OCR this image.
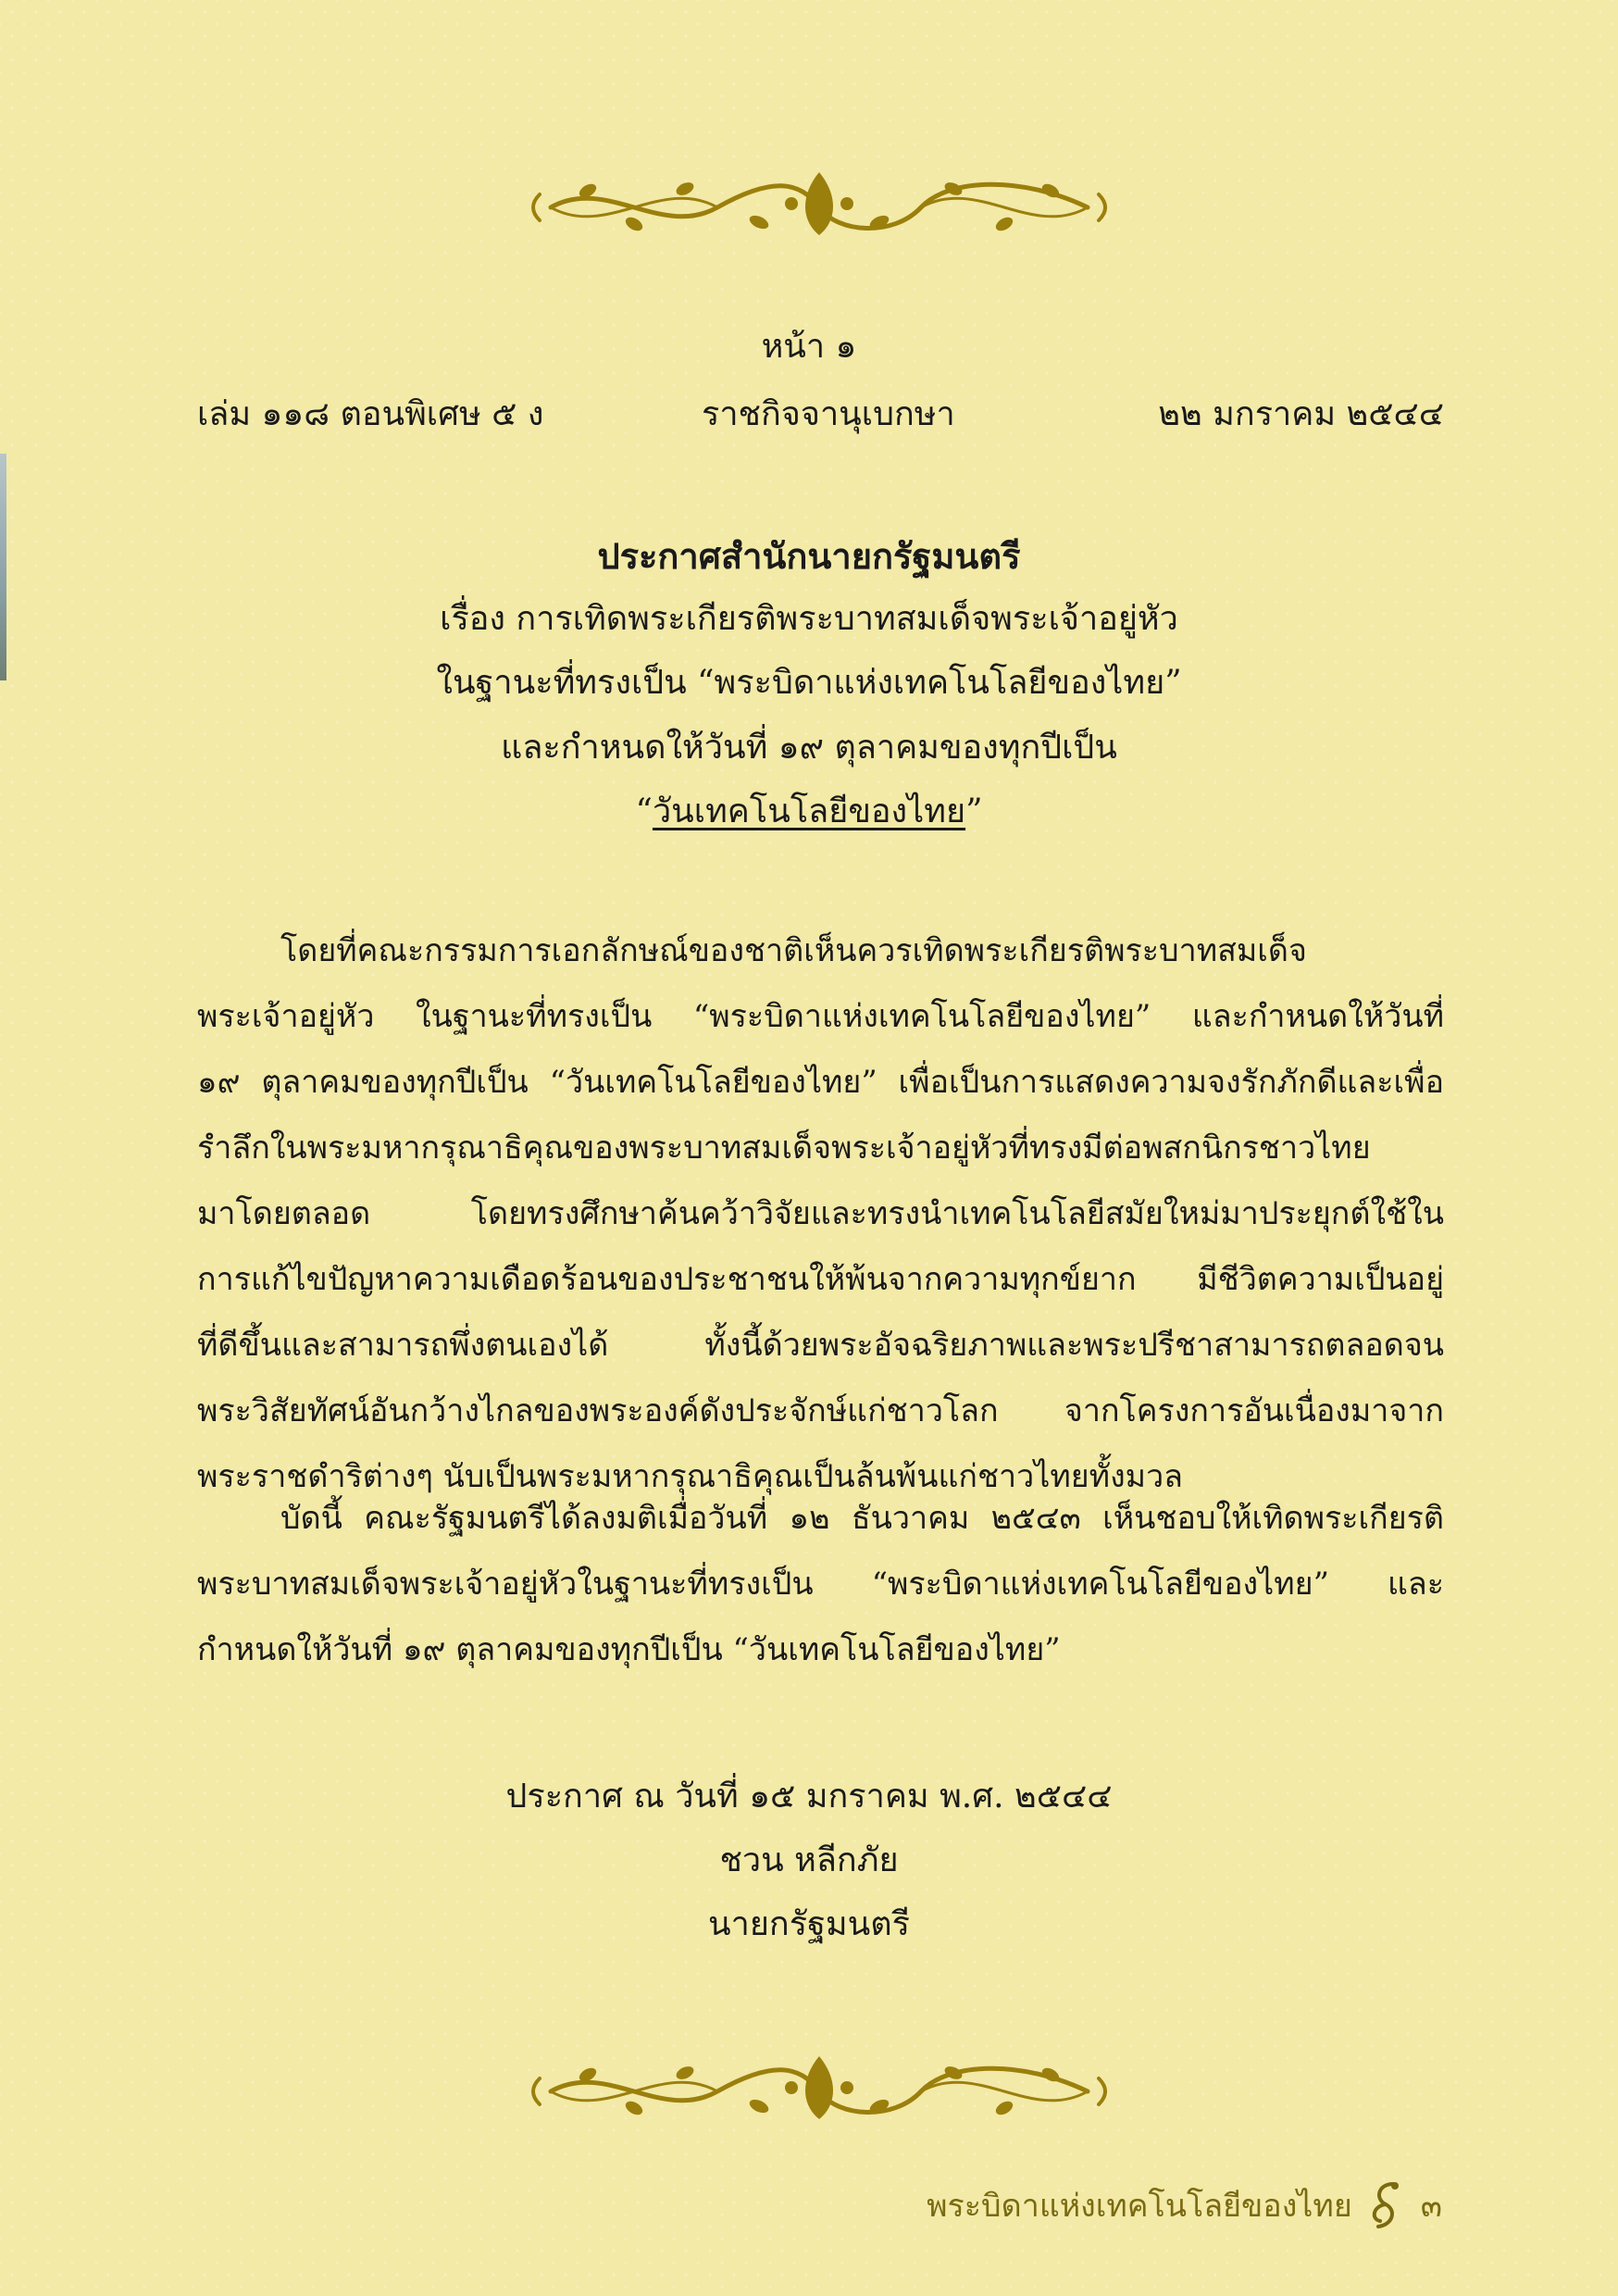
หน้า ๑
เล่ม ๑๑๘ ตอนพิเศษ ๕ ง	ราชกิจจานุเบกษา	๒๒ มกราคม ๒๕๔๔
ประกาศสำนักนายกรัฐมนตรี
เรื่อง การเทิดพระเกียรติพระบาทสมเด็จพระเจ้าอยู่หัว
ในฐานะที่ทรงเป็น “พระบิดาแห่งเทคโนโลยีของไทย”
และกำหนดให้วันที่ ๑๙ ตุลาคมของทุกปีเป็น
“วันเทคโนโลยีของไทย”
โดยที่คณะกรรมการเอกลักษณ์ของชาติเห็นควรเทิดพระเกียรติพระบาทสมเด็จ
พระเจ้าอยู่หัว ในฐานะที่ทรงเป็น “พระบิดาแห่งเทคโนโลยีของไทย” และกำหนดให้วันที่
๑๙ ตุลาคมของทุกปีเป็น “วันเทคโนโลยีของไทย” เพื่อเป็นการแสดงความจงรักภักดีและเพื่อ
รำลึกในพระมหากรุณาธิคุณของพระบาทสมเด็จพระเจ้าอยู่หัวที่ทรงมีต่อพสกนิกรชาวไทย
มาโดยตลอด โดยทรงศึกษาค้นคว้าวิจัยและทรงนำเทคโนโลยีสมัยใหม่มาประยุกต์ใช้ใน
การแก้ไขปัญหาความเดือดร้อนของประชาชนให้พ้นจากความทุกข์ยาก มีชีวิตความเป็นอยู่
ที่ดีขึ้นและสามารถพึ่งตนเองได้ ทั้งนี้ด้วยพระอัจฉริยภาพและพระปรีชาสามารถตลอดจน
พระวิสัยทัศน์อันกว้างไกลของพระองค์ดังประจักษ์แก่ชาวโลก จากโครงการอันเนื่องมาจาก
พระราชดำริต่างๆ นับเป็นพระมหากรุณาธิคุณเป็นล้นพ้นแก่ชาวไทยทั้งมวล
บัดนี้ คณะรัฐมนตรีได้ลงมติเมื่อวันที่ ๑๒ ธันวาคม ๒๕๔๓ เห็นชอบให้เทิดพระเกียรติ
พระบาทสมเด็จพระเจ้าอยู่หัวในฐานะที่ทรงเป็น “พระบิดาแห่งเทคโนโลยีของไทย” และ
กำหนดให้วันที่ ๑๙ ตุลาคมของทุกปีเป็น “วันเทคโนโลยีของไทย”
ประกาศ ณ วันที่ ๑๕ มกราคม พ.ศ. ๒๕๔๔
ชวน หลีกภัย
นายกรัฐมนตรี
พระบิดาแห่งเทคโนโลยีของไทย ๓
